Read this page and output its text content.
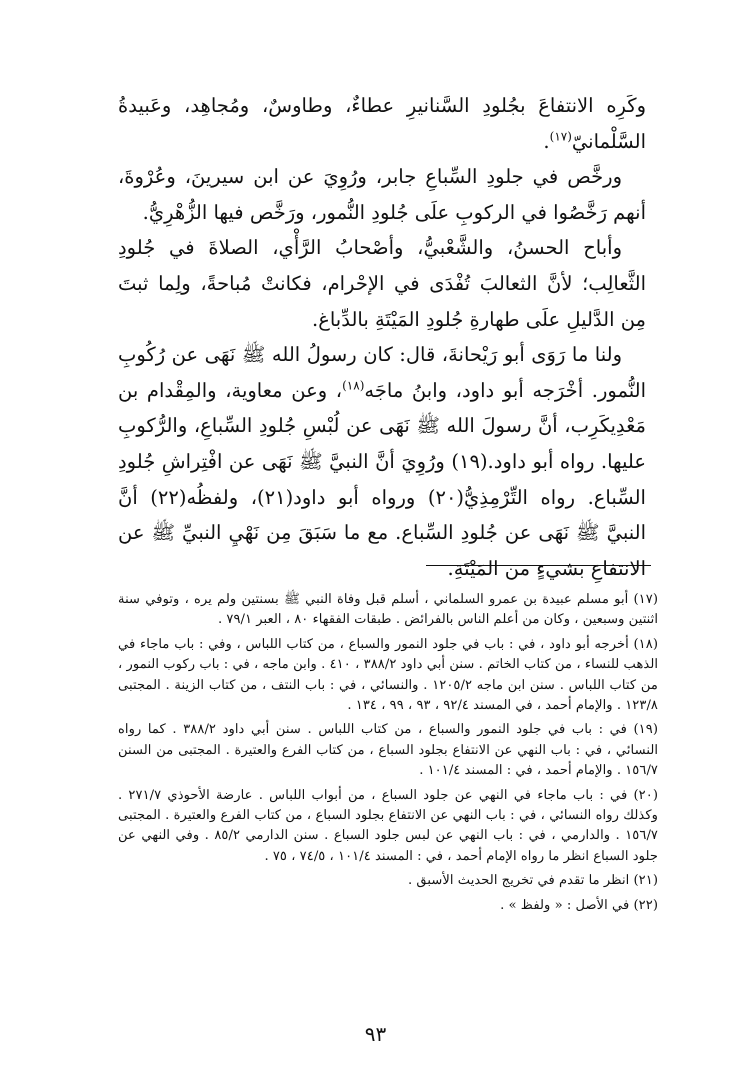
وكَرِه الانتفاعَ بجُلودِ السَّنانيرِ عطاءٌ، وطاوسٌ، ومُجاهِد، وعَبيدةُ السَّلْمانيّ$^{(١٧)}$.

ورخَّص في جلودِ السِّباعِ جابر، ورُوِيَ عن ابن سيرينَ، وعُرْوةَ، أنهم رَخَّصُوا في الركوبِ علَى جُلودِ النُّمور، ورَخَّص فيها الزُّهْرِيُّ.

وأباح الحسنُ، والشَّعْبيُّ، وأصْحابُ الرَّأْي، الصلاةَ في جُلودِ الثَّعالِب؛ لأنَّ الثعالبَ تُفْدَى في الإحْرام، فكانتْ مُباحةً، ولِما ثبتَ مِن الدَّليلِ علَى طهارةِ جُلودِ المَيْتَةِ بالدِّباغ.

ولنا ما رَوَى أبو رَيْحانةَ، قال: كان رسولُ الله ﷺ نَهَى عن رُكُوبِ النُّمور. أخْرَجه أبو داود، وابنُ ماجَه$^{(١٨)}$، وعن معاوية، والمِقْدام بن مَعْدِيكَرِب، أنَّ رسولَ الله ﷺ نَهَى عن لُبْسِ جُلودِ السِّباعِ، والرُّكوبِ عليها. رواه أبو داود.(١٩) ورُوِيَ أنَّ النبيَّ ﷺ نَهَى عن افْتِراشِ جُلودِ السِّباع. رواه التِّرْمِذِيُّ(٢٠) ورواه أبو داود(٢١)، ولفظُه(٢٢) أنَّ النبيَّ ﷺ نَهَى عن جُلودِ السِّباع. مع ما سَبَقَ مِن نَهْيِ النبيِّ ﷺ عن الانتفاعِ بشيءٍ من المَيْتَةِ.

(١٧) أبو مسلم عبيدة بن عمرو السلماني ، أسلم قبل وفاة النبي ﷺ بسنتين ولم يره ، وتوفي سنة اثنتين وسبعين ، وكان من أعلم الناس بالفرائض . طبقات الفقهاء ٨٠ ، العبر ٧٩/١ .

(١٨) أخرجه أبو داود ، في : باب في جلود النمور والسباع ، من كتاب اللباس ، وفي : باب ماجاء في الذهب للنساء ، من كتاب الخاتم . سنن أبي داود ٣٨٨/٢ ، ٤١٠ . وابن ماجه ، في : باب ركوب النمور ، من كتاب اللباس . سنن ابن ماجه ١٢٠٥/٢ . والنسائي ، في : باب النتف ، من كتاب الزينة . المجتبى ١٢٣/٨ . والإمام أحمد ، في المسند ٩٢/٤ ، ٩٣ ، ٩٩ ، ١٣٤ .

(١٩) في : باب في جلود النمور والسباع ، من كتاب اللباس . سنن أبي داود ٣٨٨/٢ . كما رواه النسائي ، في : باب النهي عن الانتفاع بجلود السباع ، من كتاب الفرع والعتيرة . المجتبى من السنن ١٥٦/٧ . والإمام أحمد ، في : المسند ١٠١/٤ .

(٢٠) في : باب ماجاء في النهي عن جلود السباع ، من أبواب اللباس . عارضة الأحوذي ٢٧١/٧ . وكذلك رواه النسائي ، في : باب النهي عن الانتفاع بجلود السباع ، من كتاب الفرع والعتيرة . المجتبى ١٥٦/٧ . والدارمي ، في : باب النهي عن لبس جلود السباع . سنن الدارمي ٨٥/٢ . وفي النهي عن جلود السباع انظر ما رواه الإمام أحمد ، في : المسند ١٠١/٤ ، ٧٤/٥ ، ٧٥ .

(٢١) انظر ما تقدم في تخريج الحديث الأسبق .

(٢٢) في الأصل : « ولفظ » .

٩٣
